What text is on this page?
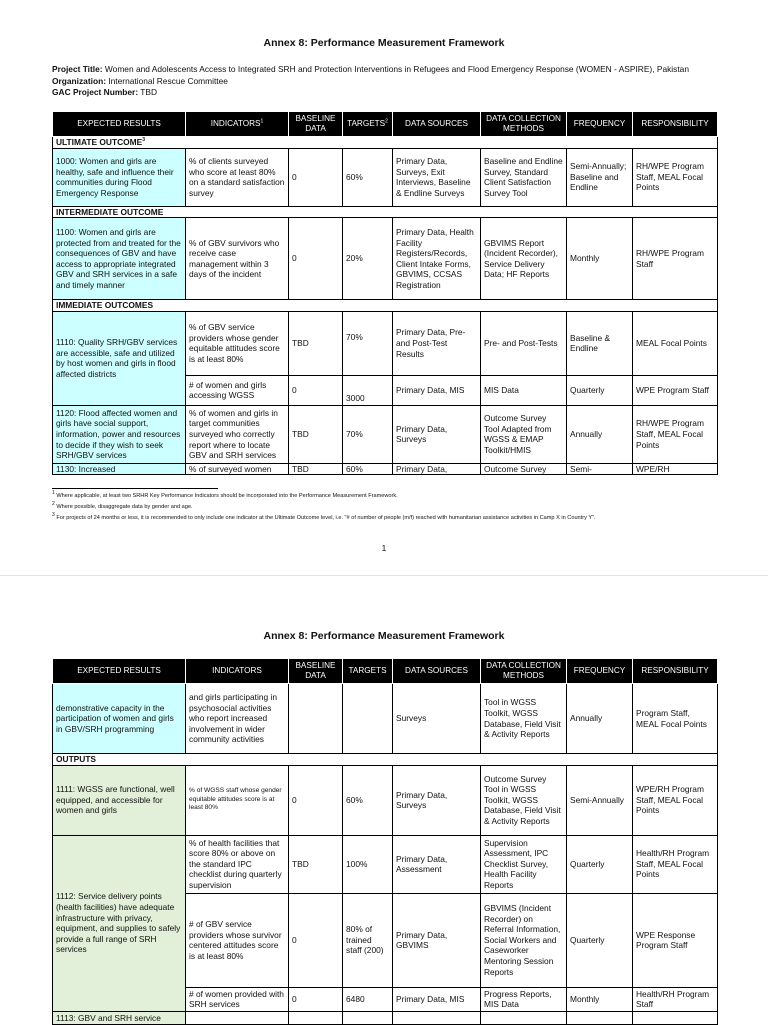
Annex 8: Performance Measurement Framework
Project Title: Women and Adolescents Access to Integrated SRH and Protection Interventions in Refugees and Flood Emergency Response (WOMEN - ASPIRE), Pakistan
Organization: International Rescue Committee
GAC Project Number: TBD
EXPECTED RESULTS	INDICATORS$^1$	BASELINE DATA	TARGETS$^2$	DATA SOURCES	DATA COLLECTION METHODS	FREQUENCY	RESPONSIBILITY
ULTIMATE OUTCOME$^3$
1000: Women and girls are healthy, safe and influence their communities during Flood Emergency Response	% of clients surveyed who score at least 80% on a standard satisfaction survey	0	60%	Primary Data, Surveys, Exit Interviews, Baseline & Endline Surveys	Baseline and Endline Survey, Standard Client Satisfaction Survey Tool	Semi-Annually; Baseline and Endline	RH/WPE Program Staff, MEAL Focal Points
INTERMEDIATE OUTCOME							
1100: Women and girls are protected from and treated for the consequences of GBV and have access to appropriate integrated GBV and SRH services in a safe and timely manner	% of GBV survivors who receive case management within 3 days of the incident	0	20%	Primary Data, Health Facility Registers/Records, Client Intake Forms, GBVIMS, CCSAS Registration	GBVIMS Report (Incident Recorder), Service Delivery Data; HF Reports	Monthly	RH/WPE Program Staff
IMMEDIATE OUTCOMES							
1110: Quality SRH/GBV services are accessible, safe and utilized by host women and girls in flood affected districts	% of GBV service providers whose gender equitable attitudes score is at least 80%	TBD	70%	Primary Data, Pre- and Post-Test Results	Pre- and Post-Tests	Baseline & Endline	MEAL Focal Points
	# of women and girls accessing WGSS	0	3000	Primary Data, MIS	MIS Data	Quarterly	WPE Program Staff
1120: Flood affected women and girls have social support, information, power and resources to decide if they wish to seek SRH/GBV services	% of women and girls in target communities surveyed who correctly report where to locate GBV and SRH services	TBD	70%	Primary Data, Surveys	Outcome Survey Tool Adapted from WGSS & EMAP Toolkit/HMIS	Annually	RH/WPE Program Staff, MEAL Focal Points
1130: Increased	% of surveyed women	TBD	60%	Primary Data,	Outcome Survey	Semi-	WPE/RH
$^1$ Where applicable, at least two SRHR Key Performance Indicators should be incorporated into the Performance Measurement Framework.
$^2$ Where possible, disaggregate data by gender and age.
$^3$ For projects of 24 months or less, it is recommended to only include one indicator at the Ultimate Outcome level, i.e. "# of number of people (m/f) reached with humanitarian assistance activities in Camp X in Country Y".
1
Annex 8: Performance Measurement Framework
EXPECTED RESULTS	INDICATORS	BASELINE DATA	TARGETS	DATA SOURCES	DATA COLLECTION METHODS	FREQUENCY	RESPONSIBILITY
demonstrative capacity in the participation of women and girls in GBV/SRH programming	and girls participating in psychosocial activities who report increased involvement in wider community activities			Surveys	Tool in WGSS Toolkit, WGSS Database, Field Visit & Activity Reports	Annually	Program Staff, MEAL Focal Points
OUTPUTS							
1111: WGSS are functional, well equipped, and accessible for women and girls	% of WGSS staff whose gender equitable attitudes score is at least 80%	0	60%	Primary Data, Surveys	Outcome Survey Tool in WGSS Toolkit, WGSS Database, Field Visit & Activity Reports	Semi-Annually	WPE/RH Program Staff, MEAL Focal Points
1112: Service delivery points (health facilities) have adequate infrastructure with privacy, equipment, and supplies to safely provide a full range of SRH services	% of health facilities that score 80% or above on the standard IPC checklist during quarterly supervision	TBD	100%	Primary Data, Assessment	Supervision Assessment, IPC Checklist Survey, Health Facility Reports	Quarterly	Health/RH Program Staff, MEAL Focal Points
	# of GBV service providers whose survivor centered attitudes score is at least 80%	0	80% of trained staff (200)	Primary Data, GBVIMS	GBVIMS (Incident Recorder) on Referral Information, Social Workers and Caseworker Mentoring Session Reports	Quarterly	WPE Response Program Staff
	# of women provided with SRH services	0	6480	Primary Data, MIS	Progress Reports, MIS Data	Monthly	Health/RH Program Staff
1113: GBV and SRH service							
